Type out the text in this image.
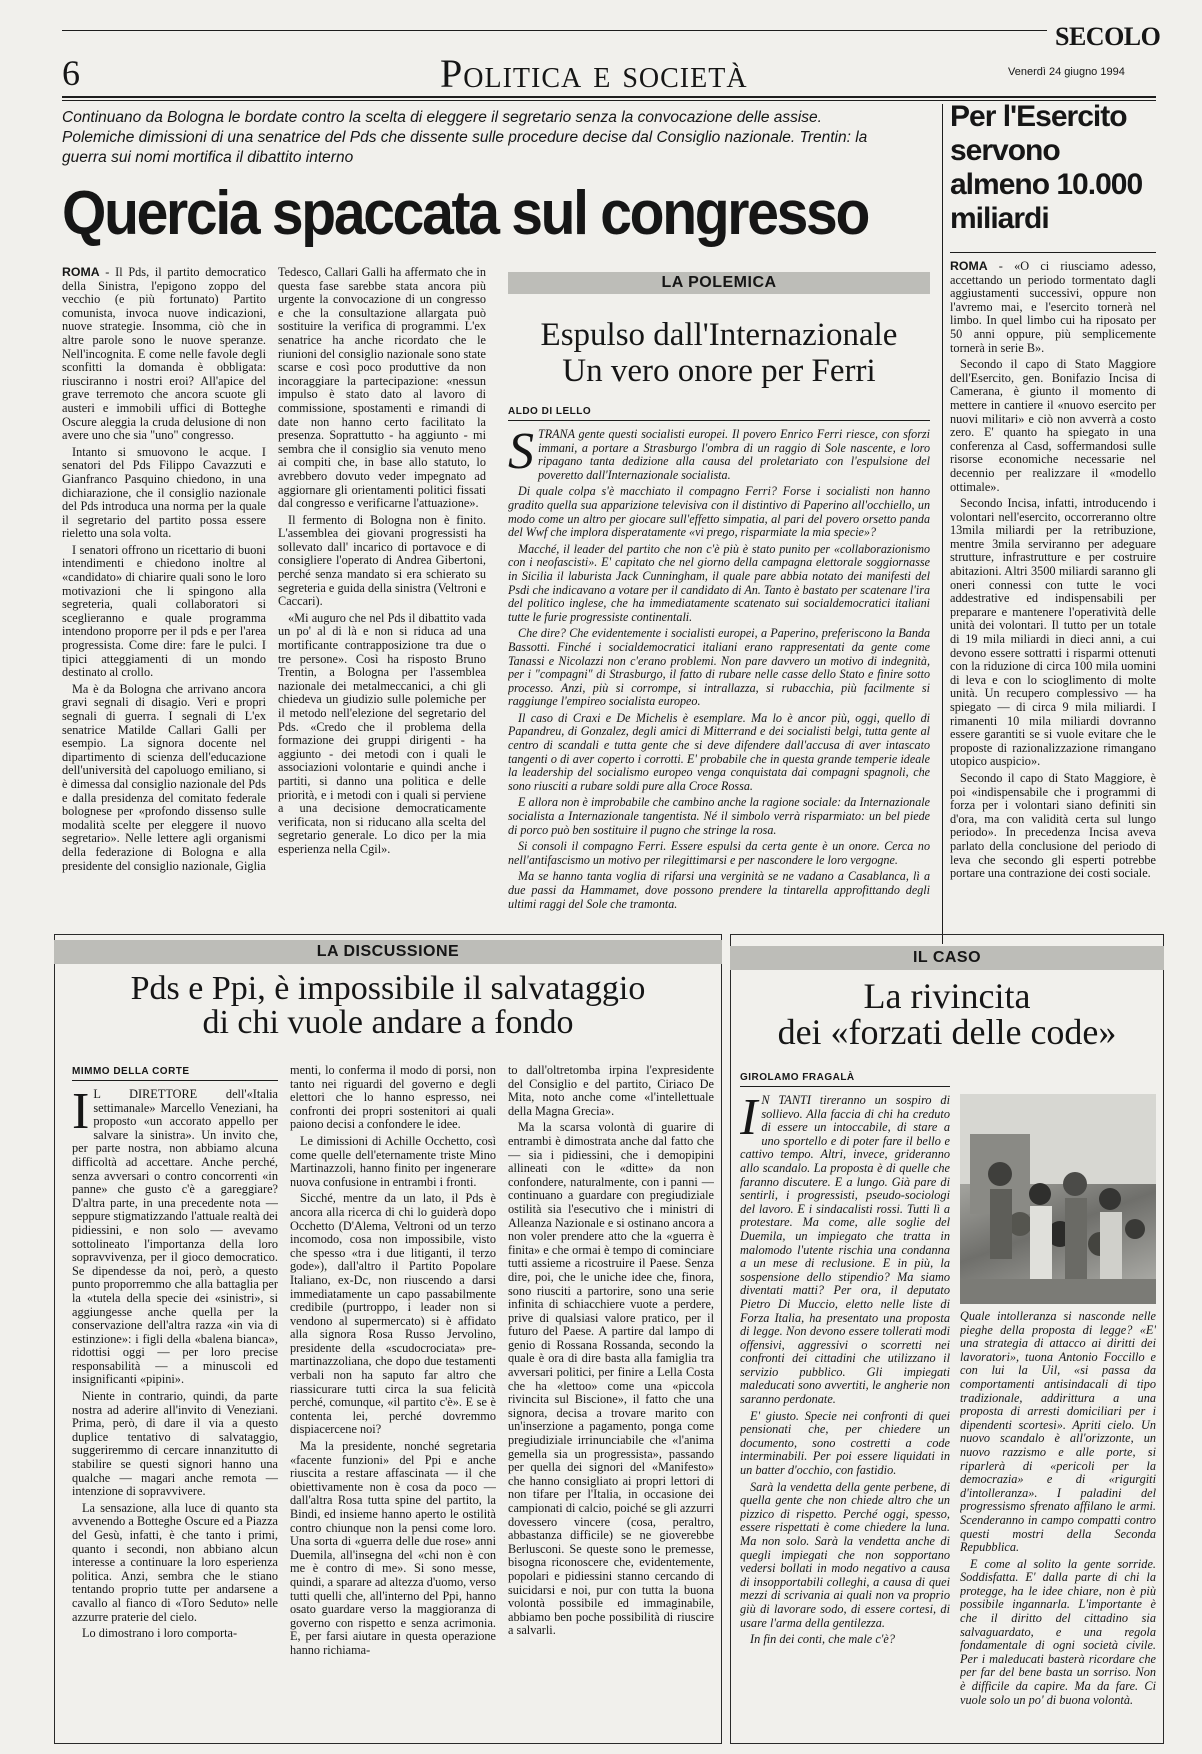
6	Politica e società
SECOLO
Venerdì 24 giugno 1994
Continuano da Bologna le bordate contro la scelta di eleggere il segretario senza la convocazione delle assise. Polemiche dimissioni di una senatrice del Pds che dissente sulle procedure decise dal Consiglio nazionale. Trentin: la guerra sui nomi mortifica il dibattito interno
Quercia spaccata sul congresso

ROMA - Il Pds, il partito democratico della Sinistra, l'epigono zoppo del vecchio (e più fortunato) Partito comunista, invoca nuove indicazioni, nuove strategie. Insomma, ciò che in altre parole sono le nuove speranze. Nell'incognita. E come nelle favole degli sconfitti la domanda è obbligata: riusciranno i nostri eroi? All'apice del grave terremoto che ancora scuote gli austeri e immobili uffici di Botteghe Oscure aleggia la cruda delusione di non avere uno che sia "uno" congresso.

Intanto si smuovono le acque. I senatori del Pds Filippo Cavazzuti e Gianfranco Pasquino chiedono, in una dichiarazione, che il consiglio nazionale del Pds introduca una norma per la quale il segretario del partito possa essere rieletto una sola volta.

I senatori offrono un ricettario di buoni intendimenti e chiedono inoltre al «candidato» di chiarire quali sono le loro motivazioni che li spingono alla segreteria, quali collaboratori si sceglieranno e quale programma intendono proporre per il pds e per l'area progressista. Come dire: fare le pulci. I tipici atteggiamenti di un mondo destinato al crollo.

Ma è da Bologna che arrivano ancora gravi segnali di disagio. Veri e propri segnali di guerra. I segnali di L'ex senatrice Matilde Callari Galli per esempio. La signora docente nel dipartimento di scienza dell'educazione dell'università del capoluogo emiliano, si è dimessa dal consiglio nazionale del Pds e dalla presidenza del comitato federale bolognese per «profondo dissenso sulle modalità scelte per eleggere il nuovo segretario». Nelle lettere agli organismi della federazione di Bologna e alla presidente del consiglio nazionale, Giglia

Tedesco, Callari Galli ha affermato che in questa fase sarebbe stata ancora più urgente la convocazione di un congresso e che la consultazione allargata può sostituire la verifica di programmi. L'ex senatrice ha anche ricordato che le riunioni del consiglio nazionale sono state scarse e così poco produttive da non incoraggiare la partecipazione: «nessun impulso è stato dato al lavoro di commissione, spostamenti e rimandi di date non hanno certo facilitato la presenza. Soprattutto - ha aggiunto - mi sembra che il consiglio sia venuto meno ai compiti che, in base allo statuto, lo avrebbero dovuto veder impegnato ad aggiornare gli orientamenti politici fissati dal congresso e verificarne l'attuazione».

Il fermento di Bologna non è finito. L'assemblea dei giovani progressisti ha sollevato dall' incarico di portavoce e di consigliere l'operato di Andrea Gibertoni, perché senza mandato si era schierato su segreteria e guida della sinistra (Veltroni e Caccari).

«Mi auguro che nel Pds il dibattito vada un po' al di là e non si riduca ad una mortificante contrapposizione tra due o tre persone». Così ha risposto Bruno Trentin, a Bologna per l'assemblea nazionale dei metalmeccanici, a chi gli chiedeva un giudizio sulle polemiche per il metodo nell'elezione del segretario del Pds. «Credo che il problema della formazione dei gruppi dirigenti - ha aggiunto - dei metodi con i quali le associazioni volontarie e quindi anche i partiti, si danno una politica e delle priorità, e i metodi con i quali si perviene a una decisione democraticamente verificata, non si riducano alla scelta del segretario generale. Lo dico per la mia esperienza nella Cgil».

LA POLEMICA
Espulso dall'Internazionale
Un vero onore per Ferri
ALDO DI LELLO

STRANA gente questi socialisti europei. Il povero Enrico Ferri riesce, con sforzi immani, a portare a Strasburgo l'ombra di un raggio di Sole nascente, e loro ripagano tanta dedizione alla causa del proletariato con l'espulsione del poveretto dall'Internazionale socialista.

Di quale colpa s'è macchiato il compagno Ferri? Forse i socialisti non hanno gradito quella sua apparizione televisiva con il distintivo di Paperino all'occhiello, un modo come un altro per giocare sull'effetto simpatia, al pari del povero orsetto panda del Wwf che implora disperatamente «vi prego, risparmiate la mia specie»?

Macché, il leader del partito che non c'è più è stato punito per «collaborazionismo con i neofascisti». E' capitato che nel giorno della campagna elettorale soggiornasse in Sicilia il laburista Jack Cunningham, il quale pare abbia notato dei manifesti del Psdi che indicavano a votare per il candidato di An. Tanto è bastato per scatenare l'ira del politico inglese, che ha immediatamente scatenato sui socialdemocratici italiani tutte le furie progressiste continentali.

Che dire? Che evidentemente i socialisti europei, a Paperino, preferiscono la Banda Bassotti. Finché i socialdemocratici italiani erano rappresentati da gente come Tanassi e Nicolazzi non c'erano problemi. Non pare davvero un motivo di indegnità, per i "compagni" di Strasburgo, il fatto di rubare nelle casse dello Stato e finire sotto processo. Anzi, più si corrompe, si intrallazza, si rubacchia, più facilmente si raggiunge l'empireo socialista europeo.

Il caso di Craxi e De Michelis è esemplare. Ma lo è ancor più, oggi, quello di Papandreu, di Gonzalez, degli amici di Mitterrand e dei socialisti belgi, tutta gente al centro di scandali e tutta gente che si deve difendere dall'accusa di aver intascato tangenti o di aver coperto i corrotti. E' probabile che in questa grande temperie ideale la leadership del socialismo europeo venga conquistata dai compagni spagnoli, che sono riusciti a rubare soldi pure alla Croce Rossa.

E allora non è improbabile che cambino anche la ragione sociale: da Internazionale socialista a Internazionale tangentista. Né il simbolo verrà risparmiato: un bel piede di porco può ben sostituire il pugno che stringe la rosa.

Si consoli il compagno Ferri. Essere espulsi da certa gente è un onore. Cerca no nell'antifascismo un motivo per rilegittimarsi e per nascondere le loro vergogne.

Ma se hanno tanta voglia di rifarsi una verginità se ne vadano a Casablanca, lì a due passi da Hammamet, dove possono prendere la tintarella approfittando degli ultimi raggi del Sole che tramonta.

Per l'Esercito servono almeno 10.000 miliardi

ROMA - «O ci riusciamo adesso, accettando un periodo tormentato dagli aggiustamenti successivi, oppure non l'avremo mai, e l'esercito tornerà nel limbo. In quel limbo cui ha riposato per 50 anni oppure, più semplicemente tornerà in serie B».

Secondo il capo di Stato Maggiore dell'Esercito, gen. Bonifazio Incisa di Camerana, è giunto il momento di mettere in cantiere il «nuovo esercito per nuovi militari» e ciò non avverrà a costo zero. E' quanto ha spiegato in una conferenza al Casd, soffermandosi sulle risorse economiche necessarie nel decennio per realizzare il «modello ottimale».

Secondo Incisa, infatti, introducendo i volontari nell'esercito, occorreranno oltre 13mila miliardi per la retribuzione, mentre 3mila serviranno per adeguare strutture, infrastrutture e per costruire abitazioni. Altri 3500 miliardi saranno gli oneri connessi con tutte le voci addestrative ed indispensabili per preparare e mantenere l'operatività delle unità dei volontari. Il tutto per un totale di 19 mila miliardi in dieci anni, a cui devono essere sottratti i risparmi ottenuti con la riduzione di circa 100 mila uomini di leva e con lo scioglimento di molte unità. Un recupero complessivo — ha spiegato — di circa 9 mila miliardi. I rimanenti 10 mila miliardi dovranno essere garantiti se si vuole evitare che le proposte di razionalizzazione rimangano utopico auspicio».

Secondo il capo di Stato Maggiore, è poi «indispensabile che i programmi di forza per i volontari siano definiti sin d'ora, ma con validità certa sul lungo periodo». In precedenza Incisa aveva parlato della conclusione del periodo di leva che secondo gli esperti potrebbe portare una contrazione dei costi sociale.

LA DISCUSSIONE
Pds e Ppi, è impossibile il salvataggio
di chi vuole andare a fondo
MIMMO DELLA CORTE

I L DIRETTORE dell'«Italia settimanale» Marcello Veneziani, ha proposto «un accorato appello per salvare la sinistra». Un invito che, per parte nostra, non abbiamo alcuna difficoltà ad accettare. Anche perché, senza avversari o contro concorrenti «in panne» che gusto c'è a gareggiare? D'altra parte, in una precedente nota — seppure stigmatizzando l'attuale realtà dei pidiessini, e non solo — avevamo sottolineato l'importanza della loro sopravvivenza, per il gioco democratico. Se dipendesse da noi, però, a questo punto proporremmo che alla battaglia per la «tutela della specie dei «sinistri», si aggiungesse anche quella per la conservazione dell'altra razza «in via di estinzione»: i figli della «balena bianca», ridottisi oggi — per loro precise responsabilità — a minuscoli ed insignificanti «pipini».

Niente in contrario, quindi, da parte nostra ad aderire all'invito di Veneziani. Prima, però, di dare il via a questo duplice tentativo di salvataggio, suggeriremmo di cercare innanzitutto di stabilire se questi signori hanno una qualche — magari anche remota — intenzione di sopravvivere.

La sensazione, alla luce di quanto sta avvenendo a Botteghe Oscure ed a Piazza del Gesù, infatti, è che tanto i primi, quanto i secondi, non abbiano alcun interesse a continuare la loro esperienza politica. Anzi, sembra che le stiano tentando proprio tutte per andarsene a cavallo al fianco di «Toro Seduto» nelle azzurre praterie del cielo.

Lo dimostrano i loro comporta-

menti, lo conferma il modo di porsi, non tanto nei riguardi del governo e degli elettori che lo hanno espresso, nei confronti dei propri sostenitori ai quali paiono decisi a confondere le idee.

Le dimissioni di Achille Occhetto, così come quelle dell'eternamente triste Mino Martinazzoli, hanno finito per ingenerare nuova confusione in entrambi i fronti.

Sicché, mentre da un lato, il Pds è ancora alla ricerca di chi lo guiderà dopo Occhetto (D'Alema, Veltroni od un terzo incomodo, cosa non impossibile, visto che spesso «tra i due litiganti, il terzo gode»), dall'altro il Partito Popolare Italiano, ex-Dc, non riuscendo a darsi immediatamente un capo passabilmente credibile (purtroppo, i leader non si vendono al supermercato) si è affidato alla signora Rosa Russo Jervolino, presidente della «scudocrociata» pre-martinazzoliana, che dopo due testamenti verbali non ha saputo far altro che riassicurare tutti circa la sua felicità perché, comunque, «il partito c'è». E se è contenta lei, perché dovremmo dispiacercene noi?

Ma la presidente, nonché segretaria «facente funzioni» del Ppi e anche riuscita a restare affascinata — il che obiettivamente non è cosa da poco — dall'altra Rosa tutta spine del partito, la Bindi, ed insieme hanno aperto le ostilità contro chiunque non la pensi come loro. Una sorta di «guerra delle due rose» anni Duemila, all'insegna del «chi non è con me è contro di me». Si sono messe, quindi, a sparare ad altezza d'uomo, verso tutti quelli che, all'interno del Ppi, hanno osato guardare verso la maggioranza di governo con rispetto e senza acrimonia. E, per farsi aiutare in questa operazione hanno richiama-

to dall'oltretomba irpina l'expresidente del Consiglio e del partito, Ciriaco De Mita, noto anche come «l'intellettuale della Magna Grecia».

Ma la scarsa volontà di guarire di entrambi è dimostrata anche dal fatto che — sia i pidiessini, che i demopipini allineati con le «ditte» da non confondere, naturalmente, con i panni — continuano a guardare con pregiudiziale ostilità sia l'esecutivo che i ministri di Alleanza Nazionale e si ostinano ancora a non voler prendere atto che la «guerra è finita» e che ormai è tempo di cominciare tutti assieme a ricostruire il Paese. Senza dire, poi, che le uniche idee che, finora, sono riusciti a partorire, sono una serie infinita di schiacchiere vuote a perdere, prive di qualsiasi valore pratico, per il futuro del Paese. A partire dal lampo di genio di Rossana Rossanda, secondo la quale è ora di dire basta alla famiglia tra avversari politici, per finire a Lella Costa che ha «lettoo» come una «piccola rivincita sul Biscione», il fatto che una signora, decisa a trovare marito con un'inserzione a pagamento, ponga come pregiudiziale irrinunciabile che «l'anima gemella sia un progressista», passando per quella dei signori del «Manifesto» che hanno consigliato ai propri lettori di non tifare per l'Italia, in occasione dei campionati di calcio, poiché se gli azzurri dovessero vincere (cosa, peraltro, abbastanza difficile) se ne gioverebbe Berlusconi. Se queste sono le premesse, bisogna riconoscere che, evidentemente, popolari e pidiessini stanno cercando di suicidarsi e noi, pur con tutta la buona volontà possibile ed immaginabile, abbiamo ben poche possibilità di riuscire a salvarli.

IL CASO
La rivincita
dei «forzati delle code»
GIROLAMO FRAGALÀ

I N TANTI tireranno un sospiro di sollievo. Alla faccia di chi ha creduto di essere un intoccabile, di stare a uno sportello e di poter fare il bello e cattivo tempo. Altri, invece, grideranno allo scandalo. La proposta è di quelle che faranno discutere. E a lungo. Già pare di sentirli, i progressisti, pseudo-sociologi del lavoro. E i sindacalisti rossi. Tutti lì a protestare. Ma come, alle soglie del Duemila, un impiegato che tratta in malomodo l'utente rischia una condanna a un mese di reclusione. E in più, la sospensione dello stipendio? Ma siamo diventati matti? Per ora, il deputato Pietro Di Muccio, eletto nelle liste di Forza Italia, ha presentato una proposta di legge. Non devono essere tollerati modi offensivi, aggressivi o scorretti nei confronti dei cittadini che utilizzano il servizio pubblico. Gli impiegati maleducati sono avvertiti, le angherie non saranno perdonate.

E' giusto. Specie nei confronti di quei pensionati che, per chiedere un documento, sono costretti a code interminabili. Per poi essere liquidati in un batter d'occhio, con fastidio.

Sarà la vendetta della gente perbene, di quella gente che non chiede altro che un pizzico di rispetto. Perché oggi, spesso, essere rispettati è come chiedere la luna. Ma non solo. Sarà la vendetta anche di quegli impiegati che non sopportano vedersi bollati in modo negativo a causa di insopportabili colleghi, a causa di quei mezzi di scrivania ai quali non va proprio giù di lavorare sodo, di essere cortesi, di usare l'arma della gentilezza.

In fin dei conti, che male c'è?

Quale intolleranza si nasconde nelle pieghe della proposta di legge? «E' una strategia di attacco ai diritti dei lavoratori», tuona Antonio Foccillo e con lui la Uil, «si passa da comportamenti antisindacali di tipo tradizionale, addirittura a una proposta di arresti domiciliari per i dipendenti scortesi». Apriti cielo. Un nuovo scandalo è all'orizzonte, un nuovo razzismo e alle porte, si riparlerà di «pericoli per la democrazia» e di «rigurgiti d'intolleranza». I paladini del progressismo sfrenato affilano le armi. Scenderanno in campo compatti contro questi mostri della Seconda Repubblica.

E come al solito la gente sorride. Soddisfatta. E' dalla parte di chi la protegge, ha le idee chiare, non è più possibile ingannarla. L'importante è che il diritto del cittadino sia salvaguardato, e una regola fondamentale di ogni società civile. Per i maleducati basterà ricordare che per far del bene basta un sorriso. Non è difficile da capire. Ma da fare. Ci vuole solo un po' di buona volontà.
